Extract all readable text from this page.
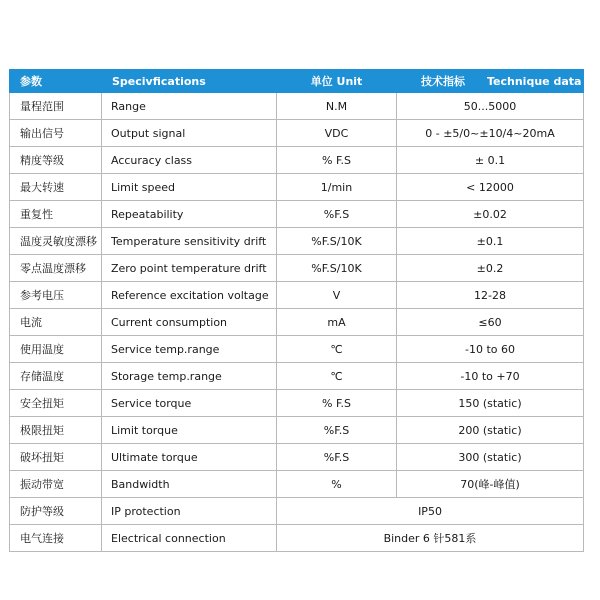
参数	Specivfications	单位 Unit	技术指标 Technique data
量程范围	Range	N.M	50...5000
输出信号	Output signal	VDC	0 - ±5/0~±10/4~20mA
精度等级	Accuracy class	% F.S	± 0.1
最大转速	Limit speed	1/min	< 12000
重复性	Repeatability	%F.S	±0.02
温度灵敏度漂移	Temperature sensitivity drift	%F.S/10K	±0.1
零点温度漂移	Zero point temperature drift	%F.S/10K	±0.2
参考电压	Reference excitation voltage	V	12-28
电流	Current consumption	mA	≤60
使用温度	Service temp.range	℃	-10 to 60
存储温度	Storage temp.range	℃	-10 to +70
安全扭矩	Service torque	% F.S	150 (static)
极限扭矩	Limit torque	%F.S	200 (static)
破坏扭矩	Ultimate torque	%F.S	300 (static)
振动带宽	Bandwidth	%	70(峰-峰值)
防护等级	IP protection	IP50	
电气连接	Electrical connection	Binder 6 针581系	
